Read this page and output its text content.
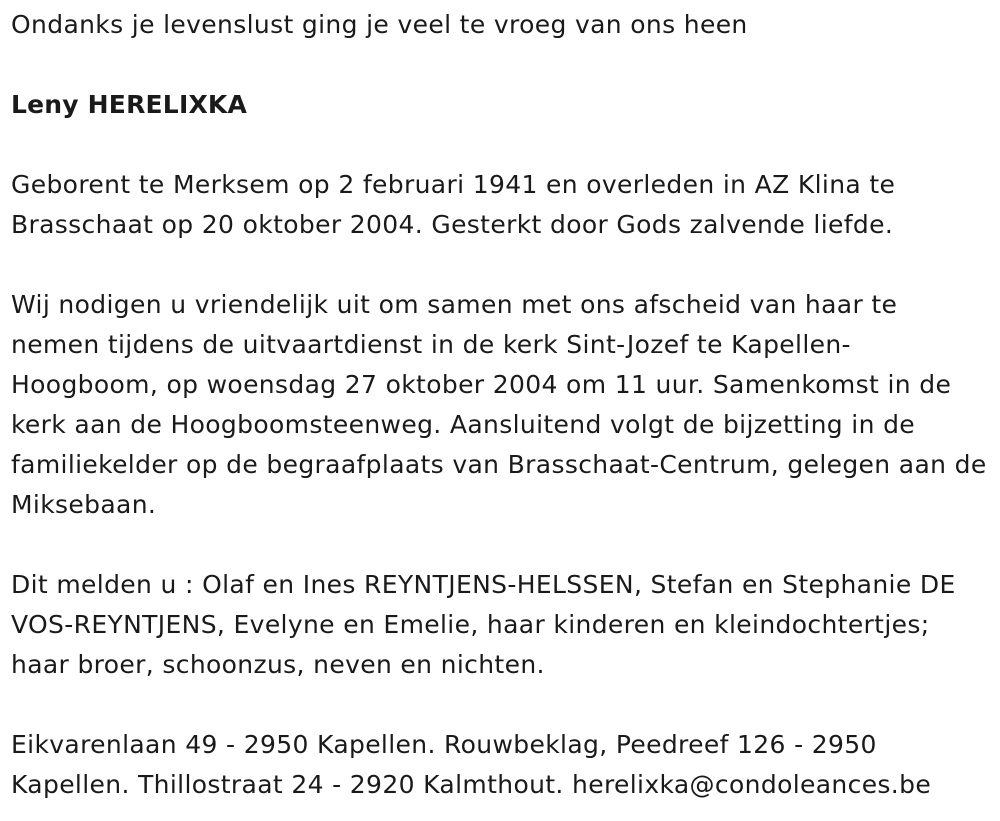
Ondanks je levenslust ging je veel te vroeg van ons heen

Leny HERELIXKA

Geborent te Merksem op 2 februari 1941 en overleden in AZ Klina te Brasschaat op 20 oktober 2004. Gesterkt door Gods zalvende liefde.

Wij nodigen u vriendelijk uit om samen met ons afscheid van haar te nemen tijdens de uitvaartdienst in de kerk Sint-Jozef te Kapellen-Hoogboom, op woensdag 27 oktober 2004 om 11 uur. Samenkomst in de kerk aan de Hoogboomsteenweg. Aansluitend volgt de bijzetting in de familiekelder op de begraafplaats van Brasschaat-Centrum, gelegen aan de Miksebaan.

Dit melden u : Olaf en Ines REYNTJENS-HELSSEN, Stefan en Stephanie DE VOS-REYNTJENS, Evelyne en Emelie, haar kinderen en kleindochtertjes; haar broer, schoonzus, neven en nichten.

Eikvarenlaan 49 - 2950 Kapellen. Rouwbeklag, Peedreef 126 - 2950 Kapellen. Thillostraat 24 - 2920 Kalmthout. herelixka@condoleances.be
